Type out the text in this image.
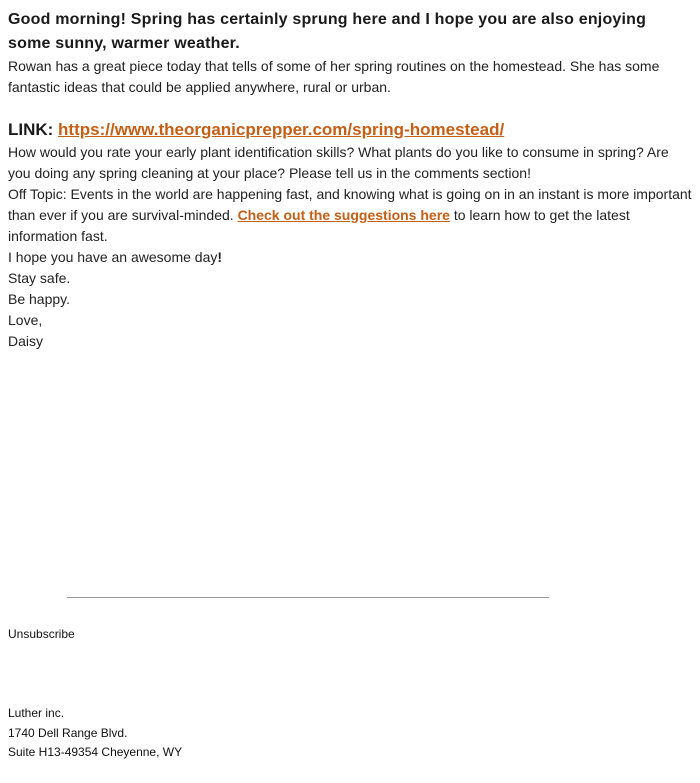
Good morning! Spring has certainly sprung here and I hope you are also enjoying some sunny, warmer weather.

Rowan has a great piece today that tells of some of her spring routines on the homestead. She has some fantastic ideas that could be applied anywhere, rural or urban.

LINK: https://www.theorganicprepper.com/spring-homestead/

How would you rate your early plant identification skills? What plants do you like to consume in spring? Are you doing any spring cleaning at your place? Please tell us in the comments section!

Off Topic: Events in the world are happening fast, and knowing what is going on in an instant is more important than ever if you are survival-minded. Check out the suggestions here to learn how to get the latest information fast.

I hope you have an awesome day!

Stay safe.
Be happy.

Love,
Daisy

Unsubscribe
Luther inc.
1740 Dell Range Blvd.
Suite H13-49354 Cheyenne, WY
